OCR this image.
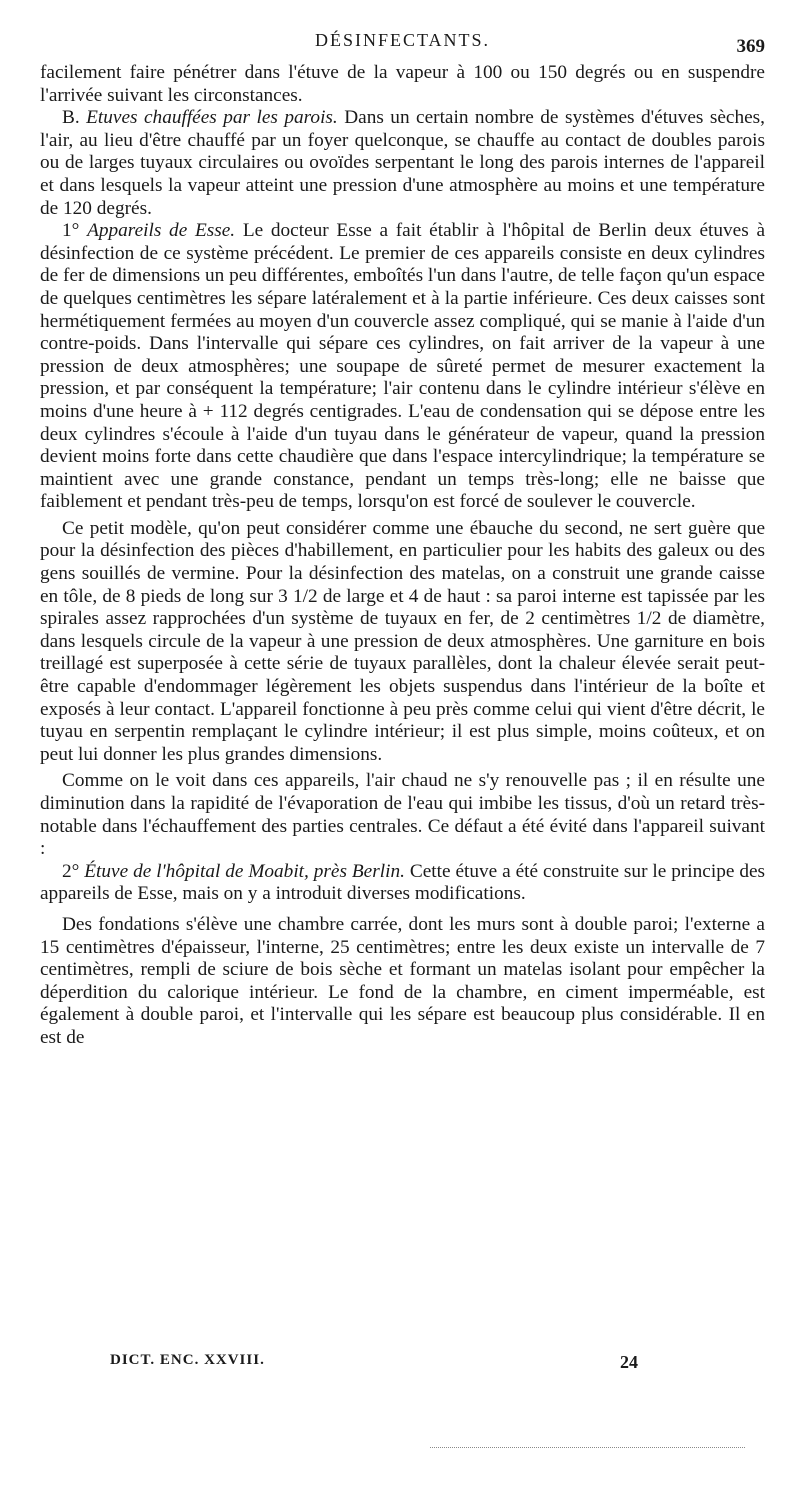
DÉSINFECTANTS.	369

facilement faire pénétrer dans l'étuve de la vapeur à 100 ou 150 degrés ou en suspendre l'arrivée suivant les circonstances.

B. Etuves chauffées par les parois. Dans un certain nombre de systèmes d'étuves sèches, l'air, au lieu d'être chauffé par un foyer quelconque, se chauffe au contact de doubles parois ou de larges tuyaux circulaires ou ovoïdes serpentant le long des parois internes de l'appareil et dans lesquels la vapeur atteint une pression d'une atmosphère au moins et une température de 120 degrés.

1° Appareils de Esse. Le docteur Esse a fait établir à l'hôpital de Berlin deux étuves à désinfection de ce système précédent. Le premier de ces appareils consiste en deux cylindres de fer de dimensions un peu différentes, emboîtés l'un dans l'autre, de telle façon qu'un espace de quelques centimètres les sépare latéralement et à la partie inférieure. Ces deux caisses sont hermétiquement fermées au moyen d'un couvercle assez compliqué, qui se manie à l'aide d'un contre-poids. Dans l'intervalle qui sépare ces cylindres, on fait arriver de la vapeur à une pression de deux atmosphères; une soupape de sûreté permet de mesurer exactement la pression, et par conséquent la température; l'air contenu dans le cylindre intérieur s'élève en moins d'une heure à + 112 degrés centigrades. L'eau de condensation qui se dépose entre les deux cylindres s'écoule à l'aide d'un tuyau dans le générateur de vapeur, quand la pression devient moins forte dans cette chaudière que dans l'espace intercylindrique; la température se maintient avec une grande constance, pendant un temps très-long; elle ne baisse que faiblement et pendant très-peu de temps, lorsqu'on est forcé de soulever le couvercle.

Ce petit modèle, qu'on peut considérer comme une ébauche du second, ne sert guère que pour la désinfection des pièces d'habillement, en particulier pour les habits des galeux ou des gens souillés de vermine. Pour la désinfection des matelas, on a construit une grande caisse en tôle, de 8 pieds de long sur 3 1/2 de large et 4 de haut : sa paroi interne est tapissée par les spirales assez rapprochées d'un système de tuyaux en fer, de 2 centimètres 1/2 de diamètre, dans lesquels circule de la vapeur à une pression de deux atmosphères. Une garniture en bois treillagé est superposée à cette série de tuyaux parallèles, dont la chaleur élevée serait peut-être capable d'endommager légèrement les objets suspendus dans l'intérieur de la boîte et exposés à leur contact. L'appareil fonctionne à peu près comme celui qui vient d'être décrit, le tuyau en serpentin remplaçant le cylindre intérieur; il est plus simple, moins coûteux, et on peut lui donner les plus grandes dimensions.

Comme on le voit dans ces appareils, l'air chaud ne s'y renouvelle pas ; il en résulte une diminution dans la rapidité de l'évaporation de l'eau qui imbibe les tissus, d'où un retard très-notable dans l'échauffement des parties centrales. Ce défaut a été évité dans l'appareil suivant :

2° Étuve de l'hôpital de Moabit, près Berlin. Cette étuve a été construite sur le principe des appareils de Esse, mais on y a introduit diverses modifications.

Des fondations s'élève une chambre carrée, dont les murs sont à double paroi; l'externe a 15 centimètres d'épaisseur, l'interne, 25 centimètres; entre les deux existe un intervalle de 7 centimètres, rempli de sciure de bois sèche et formant un matelas isolant pour empêcher la déperdition du calorique intérieur. Le fond de la chambre, en ciment imperméable, est également à double paroi, et l'intervalle qui les sépare est beaucoup plus considérable. Il en est de

DICT. ENC. XXVIII.	24
